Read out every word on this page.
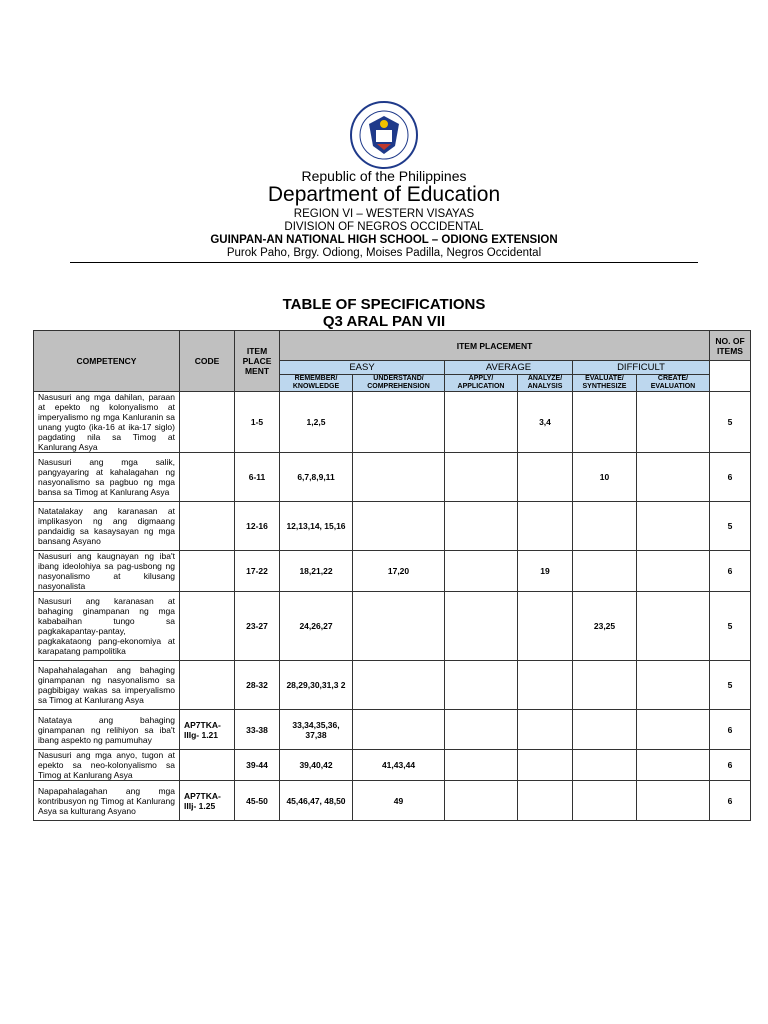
Republic of the Philippines
Department of Education
REGION VI – WESTERN VISAYAS
DIVISION OF NEGROS OCCIDENTAL
GUINPAN-AN NATIONAL HIGH SCHOOL – ODIONG EXTENSION
Purok Paho, Brgy. Odiong, Moises Padilla, Negros Occidental
TABLE OF SPECIFICATIONS
Q3 ARAL PAN VII
COMPETENCY	CODE	ITEM PLACE MENT	ITEM PLACEMENT						NO. OF ITEMS
			EASY		AVERAGE		DIFFICULT		
			REMEMBER/ KNOWLEDGE	UNDERSTAND/ COMPREHENSION	APPLY/ APPLICATION	ANALYZE/ ANALYSIS	EVALUATE/ SYNTHESIZE	CREATE/ EVALUATION	
Nasusuri ang mga dahilan, paraan at epekto ng kolonyalismo at imperyalismo ng mga Kanluranin sa unang yugto (ika-16 at ika-17 siglo) pagdating nila sa Timog at Kanlurang Asya		1-5	1,2,5			3,4			5
Nasusuri ang mga salik, pangyayaring at kahalagahan ng nasyonalismo sa pagbuo ng mga bansa sa Timog at Kanlurang Asya		6-11	6,7,8,9,11				10		6
Natatalakay ang karanasan at implikasyon ng ang digmaang pandaidig sa kasaysayan ng mga bansang Asyano		12-16	12,13,14, 15,16						5
Nasusuri ang kaugnayan ng iba't ibang ideolohiya sa pag-usbong ng nasyonalismo at kilusang nasyonalista		17-22	18,21,22	17,20		19			6
Nasusuri ang karanasan at bahaging ginampanan ng mga kababaihan tungo sa pagkakapantay-pantay, pagkakataong pang-ekonomiya at karapatang pampolitika		23-27	24,26,27				23,25		5
Napahahalagahan ang bahaging ginampanan ng nasyonalismo sa pagbibigay wakas sa imperyalismo sa Timog at Kanlurang Asya		28-32	28,29,30,31,3 2						5
Natataya ang bahaging ginampanan ng relihiyon sa iba't ibang aspekto ng pamumuhay	AP7TKA-IIIg- 1.21	33-38	33,34,35,36, 37,38						6
Nasusuri ang mga anyo, tugon at epekto sa neo-kolonyalismo sa Timog at Kanlurang Asya		39-44	39,40,42	41,43,44					6
Napapahalagahan ang mga kontribusyon ng Timog at Kanlurang Asya sa kulturang Asyano	AP7TKA-IIIj- 1.25	45-50	45,46,47, 48,50	49					6
